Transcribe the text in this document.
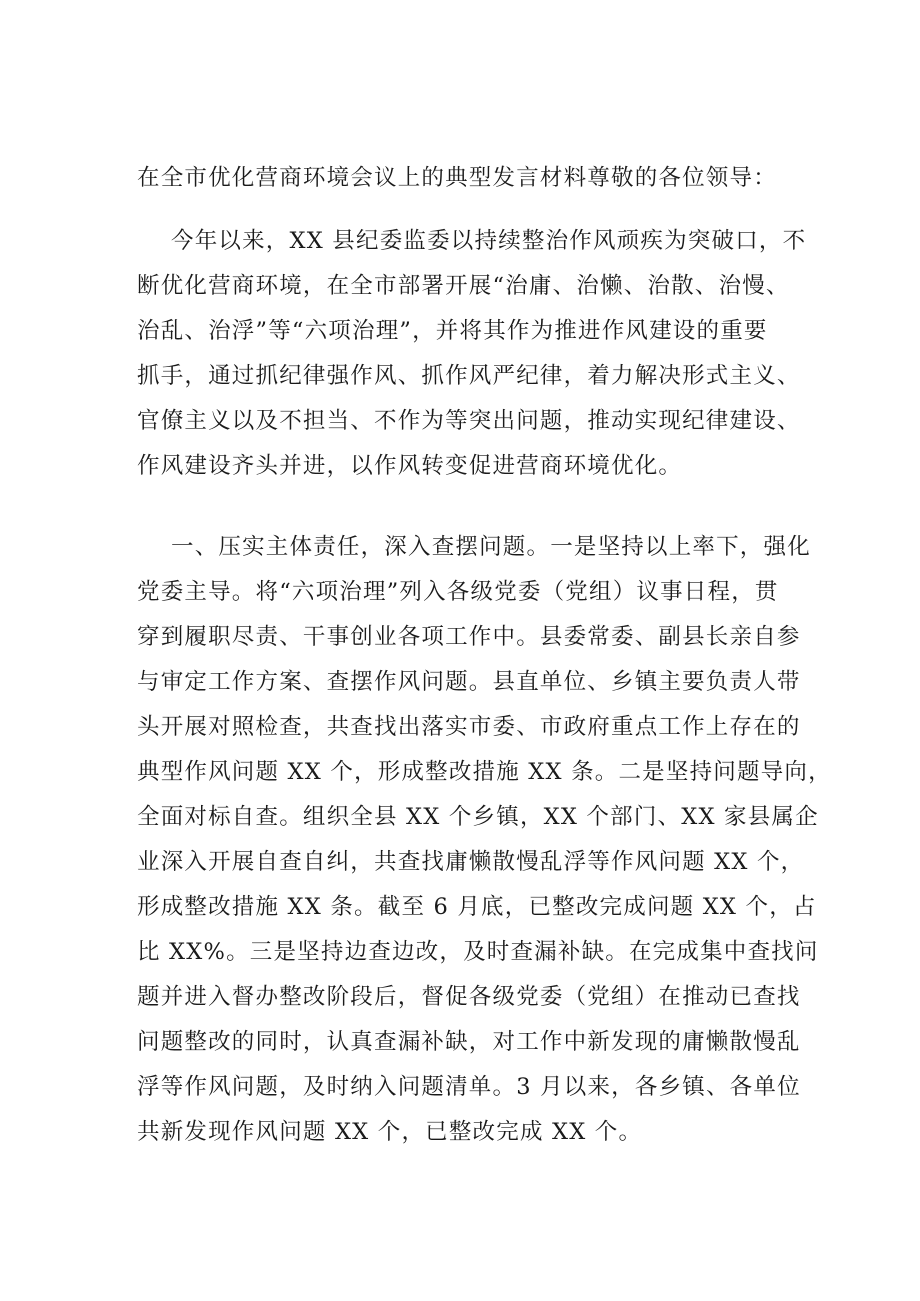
在全市优化营商环境会议上的典型发言材料尊敬的各位领导：
今年以来，XX 县纪委监委以持续整治作风顽疾为突破口，不
断优化营商环境，在全市部署开展“治庸、治懒、治散、治慢、
治乱、治浮”等“六项治理”，并将其作为推进作风建设的重要
抓手，通过抓纪律强作风、抓作风严纪律，着力解决形式主义、
官僚主义以及不担当、不作为等突出问题，推动实现纪律建设、
作风建设齐头并进，以作风转变促进营商环境优化。
一、压实主体责任，深入查摆问题。一是坚持以上率下，强化
党委主导。将“六项治理”列入各级党委（党组）议事日程，贯
穿到履职尽责、干事创业各项工作中。县委常委、副县长亲自参
与审定工作方案、查摆作风问题。县直单位、乡镇主要负责人带
头开展对照检查，共查找出落实市委、市政府重点工作上存在的
典型作风问题 XX 个，形成整改措施 XX 条。二是坚持问题导向，
全面对标自查。组织全县 XX 个乡镇，XX 个部门、XX 家县属企
业深入开展自查自纠，共查找庸懒散慢乱浮等作风问题 XX 个，
形成整改措施 XX 条。截至 6 月底，已整改完成问题 XX 个，占
比 XX%。三是坚持边查边改，及时查漏补缺。在完成集中查找问
题并进入督办整改阶段后，督促各级党委（党组）在推动已查找
问题整改的同时，认真查漏补缺，对工作中新发现的庸懒散慢乱
浮等作风问题，及时纳入问题清单。3 月以来，各乡镇、各单位
共新发现作风问题 XX 个，已整改完成 XX 个。
